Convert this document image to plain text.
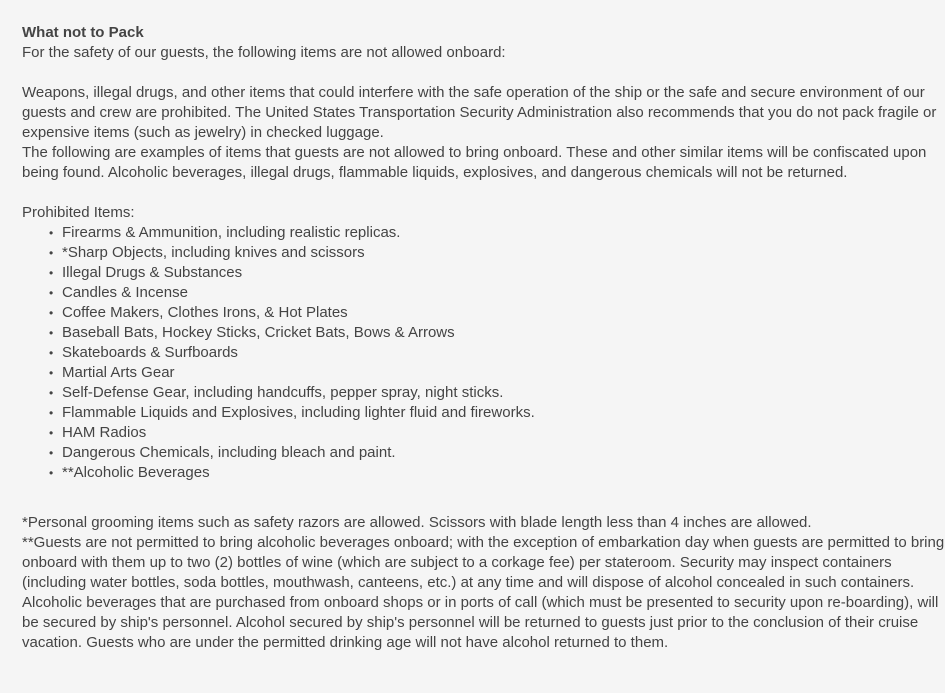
What not to Pack

For the safety of our guests, the following items are not allowed onboard:

Weapons, illegal drugs, and other items that could interfere with the safe operation of the ship or the safe and secure environment of our guests and crew are prohibited. The United States Transportation Security Administration also recommends that you do not pack fragile or expensive items (such as jewelry) in checked luggage.

The following are examples of items that guests are not allowed to bring onboard. These and other similar items will be confiscated upon being found. Alcoholic beverages, illegal drugs, flammable liquids, explosives, and dangerous chemicals will not be returned.

Prohibited Items:

• Firearms & Ammunition, including realistic replicas.
• *Sharp Objects, including knives and scissors
• Illegal Drugs & Substances
• Candles & Incense
• Coffee Makers, Clothes Irons, & Hot Plates
• Baseball Bats, Hockey Sticks, Cricket Bats, Bows & Arrows
• Skateboards & Surfboards
• Martial Arts Gear
• Self-Defense Gear, including handcuffs, pepper spray, night sticks.
• Flammable Liquids and Explosives, including lighter fluid and fireworks.
• HAM Radios
• Dangerous Chemicals, including bleach and paint.
• **Alcoholic Beverages

*Personal grooming items such as safety razors are allowed. Scissors with blade length less than 4 inches are allowed.

**Guests are not permitted to bring alcoholic beverages onboard; with the exception of embarkation day when guests are permitted to bring onboard with them up to two (2) bottles of wine (which are subject to a corkage fee) per stateroom. Security may inspect containers (including water bottles, soda bottles, mouthwash, canteens, etc.) at any time and will dispose of alcohol concealed in such containers. Alcoholic beverages that are purchased from onboard shops or in ports of call (which must be presented to security upon re-boarding), will be secured by ship's personnel. Alcohol secured by ship's personnel will be returned to guests just prior to the conclusion of their cruise vacation. Guests who are under the permitted drinking age will not have alcohol returned to them.
